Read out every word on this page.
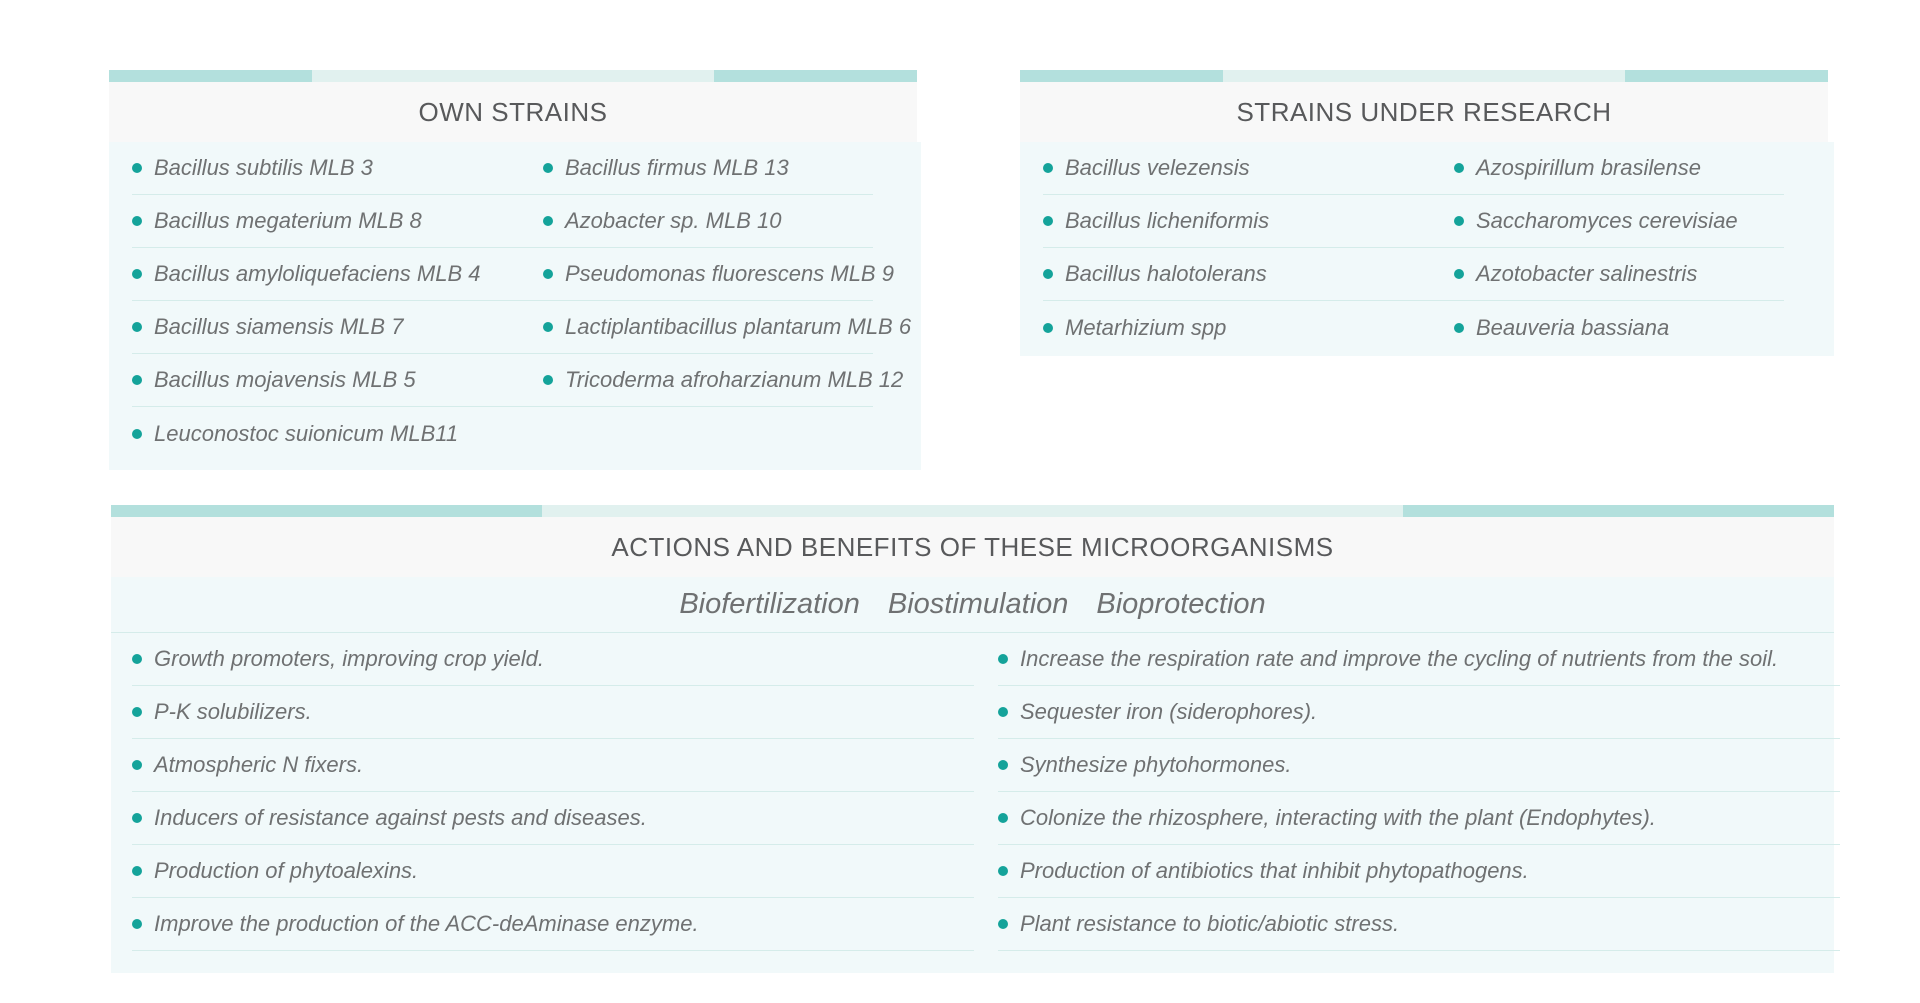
OWN STRAINS
Bacillus subtilis MLB 3
Bacillus megaterium MLB 8
Bacillus amyloliquefaciens MLB 4
Bacillus siamensis MLB 7
Bacillus mojavensis MLB 5
Leuconostoc suionicum MLB11
Bacillus firmus MLB 13
Azobacter sp. MLB 10
Pseudomonas fluorescens MLB 9
Lactiplantibacillus plantarum MLB 6
Tricoderma afroharzianum MLB 12
STRAINS UNDER RESEARCH
Bacillus velezensis
Bacillus licheniformis
Bacillus halotolerans
Metarhizium spp
Azospirillum brasilense
Saccharomyces cerevisiae
Azotobacter salinestris
Beauveria bassiana
ACTIONS AND BENEFITS OF THESE MICROORGANISMS
Biofertilization Biostimulation Bioprotection
Growth promoters, improving crop yield.
P-K solubilizers.
Atmospheric N fixers.
Inducers of resistance against pests and diseases.
Production of phytoalexins.
Improve the production of the ACC-deAminase enzyme.
Increase the respiration rate and improve the cycling of nutrients from the soil.
Sequester iron (siderophores).
Synthesize phytohormones.
Colonize the rhizosphere, interacting with the plant (Endophytes).
Production of antibiotics that inhibit phytopathogens.
Plant resistance to biotic/abiotic stress.
